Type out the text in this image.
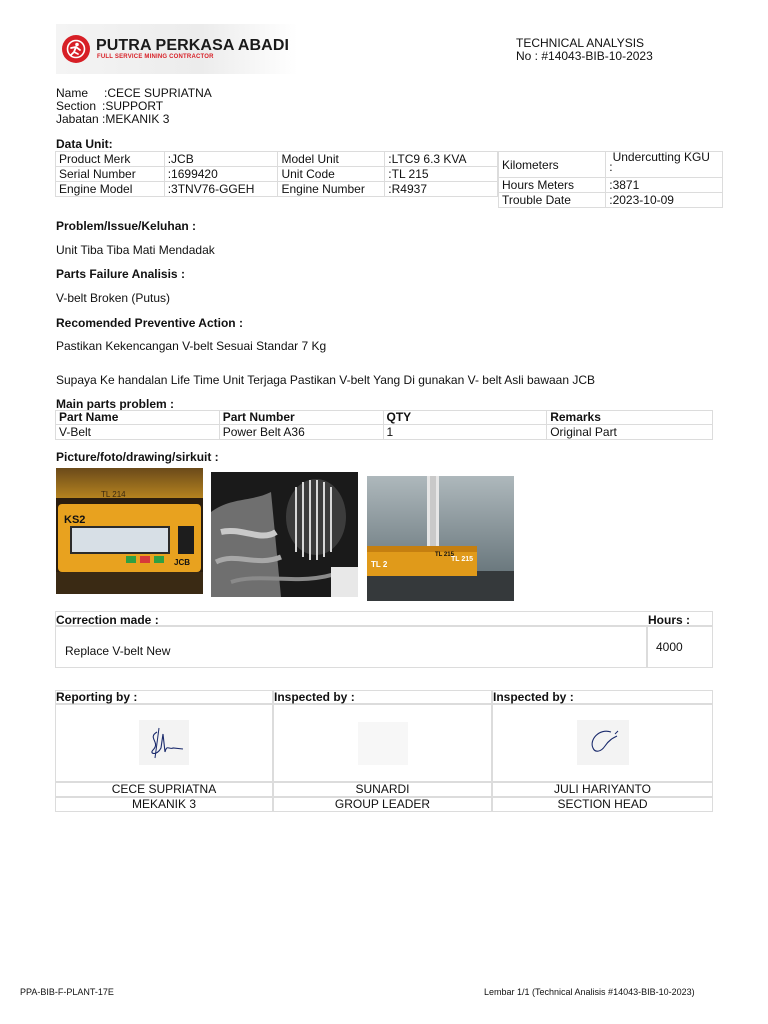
PUTRA PERKASA ABADI
FULL SERVICE MINING CONTRACTOR
TECHNICAL ANALYSIS
No : #14043-BIB-10-2023
Name :CECE SUPRIATNA
Section :SUPPORT
Jabatan :MEKANIK 3
Data Unit:
Product Merk	:JCB	Model Unit	:LTC9 6.3 KVA
Serial Number	:1699420	Unit Code	:TL 215
Engine Model	:3TNV76-GGEH	Engine Number	:R4937
Kilometers	:Undercutting KGU
Hours Meters	:3871
Trouble Date	:2023-10-09
Problem/Issue/Keluhan :
Unit Tiba Tiba Mati Mendadak
Parts Failure Analisis :
V-belt Broken (Putus)
Recomended Preventive Action :
Pastikan Kekencangan V-belt Sesuai Standar 7 Kg
Supaya Ke handalan Life Time Unit Terjaga Pastikan V-belt Yang Di gunakan V- belt Asli bawaan JCB
Main parts problem :
Part Name	Part Number	QTY	Remarks
V-Belt	Power Belt A36	1	Original Part
Picture/foto/drawing/sirkuit :
TL 214
KS2
JCB
TL 215
TL 215
TL 2
Correction made :	Hours :
Replace V-belt New	4000
Reporting by :	Inspected by :	Inspected by :
CECE SUPRIATNA	SUNARDI	JULI HARIYANTO
MEKANIK 3	GROUP LEADER	SECTION HEAD
PPA-BIB-F-PLANT-17E	Lembar 1/1 (Technical Analisis #14043-BIB-10-2023)
